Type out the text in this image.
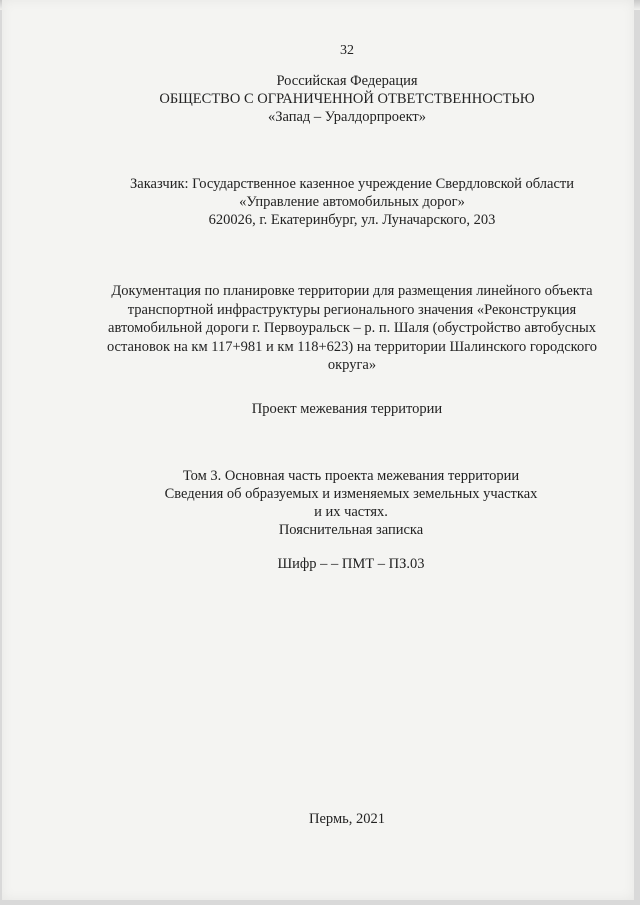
32
Российская Федерация
ОБЩЕСТВО С ОГРАНИЧЕННОЙ ОТВЕТСТВЕННОСТЬЮ
«Запад – Уралдорпроект»
Заказчик: Государственное казенное учреждение Свердловской области
«Управление автомобильных дорог»
620026, г. Екатеринбург, ул. Луначарского, 203
Документация по планировке территории для размещения линейного объекта
транспортной инфраструктуры регионального значения «Реконструкция
автомобильной дороги г. Первоуральск – р. п. Шаля (обустройство автобусных
остановок на км 117+981 и км 118+623) на территории Шалинского городского
округа»
Проект межевания территории
Том 3. Основная часть проекта межевания территории
Сведения об образуемых и изменяемых земельных участках
и их частях.
Пояснительная записка
Шифр – – ПМТ – ПЗ.03
Пермь, 2021
